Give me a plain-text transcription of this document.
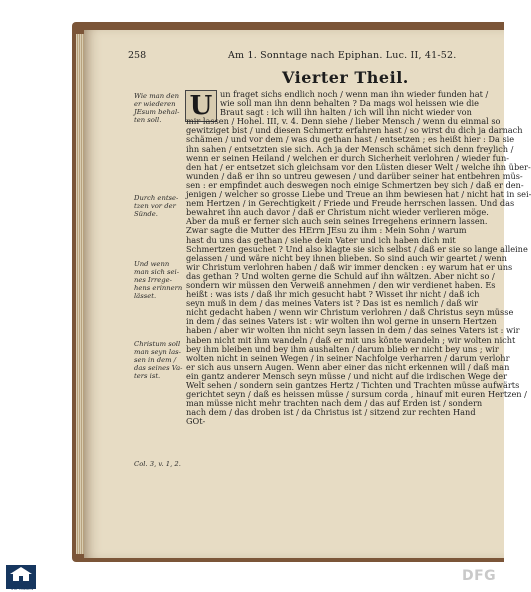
258	Am 1. Sonntage nach Epiphan. Luc. II, 41-52.
Vierter Theil.
U un fraget sichs endlich noch / wenn man ihn wieder funden hat /
wie soll man ihn denn behalten ? Da mags wol heissen wie die
Braut sagt : ich will ihn halten / ich will ihn nicht wieder von
mir lassen / Hohel. III, v. 4. Denn siehe / lieber Mensch / wenn du einmal so
gewitziget bist / und diesen Schmertz erfahren hast / so wirst du dich ja darnach
schämen / und vor dem / was du gethan hast / entsetzen ; es heißt hier : Da sie
ihn sahen / entsetzten sie sich. Ach ja der Mensch schämet sich denn freylich /
wenn er seinen Heiland / welchen er durch Sicherheit verlohren / wieder fun-
den hat / er entsetzet sich gleichsam vor den Lüsten dieser Welt / welche ihn über-
wunden / daß er ihn so untreu gewesen / und darüber seiner hat entbehren müs-
sen : er empfindet auch deswegen noch einige Schmertzen bey sich / daß er den-
jenigen / welcher so grosse Liebe und Treue an ihm bewiesen hat / nicht hat in sei-
nem Hertzen / in Gerechtigkeit / Friede und Freude herrschen lassen. Und das
bewahret ihn auch davor / daß er Christum nicht wieder verlieren möge.
Aber da muß er ferner sich auch sein seines Irregehens erinnern lassen.
Zwar sagte die Mutter des HErrn JEsu zu ihm : Mein Sohn / warum
hast du uns das gethan / siehe dein Vater und ich haben dich mit
Schmertzen gesuchet ? Und also klagte sie sich selbst / daß er sie so lange alleine
gelassen / und wäre nicht bey ihnen blieben. So sind auch wir geartet / wenn
wir Christum verlohren haben / daß wir immer dencken : ey warum hat er uns
das gethan ? Und wolten gerne die Schuld auf ihn wältzen. Aber nicht so /
sondern wir müssen den Verweiß annehmen / den wir verdienet haben. Es
heißt : was ists / daß ihr mich gesucht habt ? Wisset ihr nicht / daß ich
seyn muß in dem / das meines Vaters ist ? Das ist es nemlich / daß wir
nicht gedacht haben / wenn wir Christum verlohren / daß Christus seyn müsse
in dem / das seines Vaters ist : wir wolten ihn wol gerne in unsern Hertzen
haben / aber wir wolten ihn nicht seyn lassen in dem / das seines Vaters ist : wir
haben nicht mit ihm wandeln / daß er mit uns könte wandeln ; wir wolten nicht
bey ihm bleiben und bey ihm aushalten / darum blieb er nicht bey uns ; wir
wolten nicht in seinen Wegen / in seiner Nachfolge verharren / darum verlohr
er sich aus unsern Augen. Wenn aber einer das nicht erkennen will / daß man
ein gantz anderer Mensch seyn müsse / und nicht auf die irdischen Wege der
Welt sehen / sondern sein gantzes Hertz / Tichten und Trachten müsse aufwärts
gerichtet seyn / daß es heissen müsse / sursum corda , hinauf mit euren Hertzen /
man müsse nicht mehr trachten nach dem / das auf Erden ist / sondern
nach dem / das droben ist / da Christus ist / sitzend zur rechten Hand
GOt-
Wie man den
er wiederen
JEsum behal-
ten soll.
Durch entse-
tzen vor der
Sünde.
Und wenn
man sich sei-
nes Irrege-
hens erinnern
lässet.
Christum soll
man seyn las-
sen in dem /
das seines Va-
ters ist.
Col. 3, v. 1, 2.
FRANCKESCHE STIFTUNGEN
DFG
